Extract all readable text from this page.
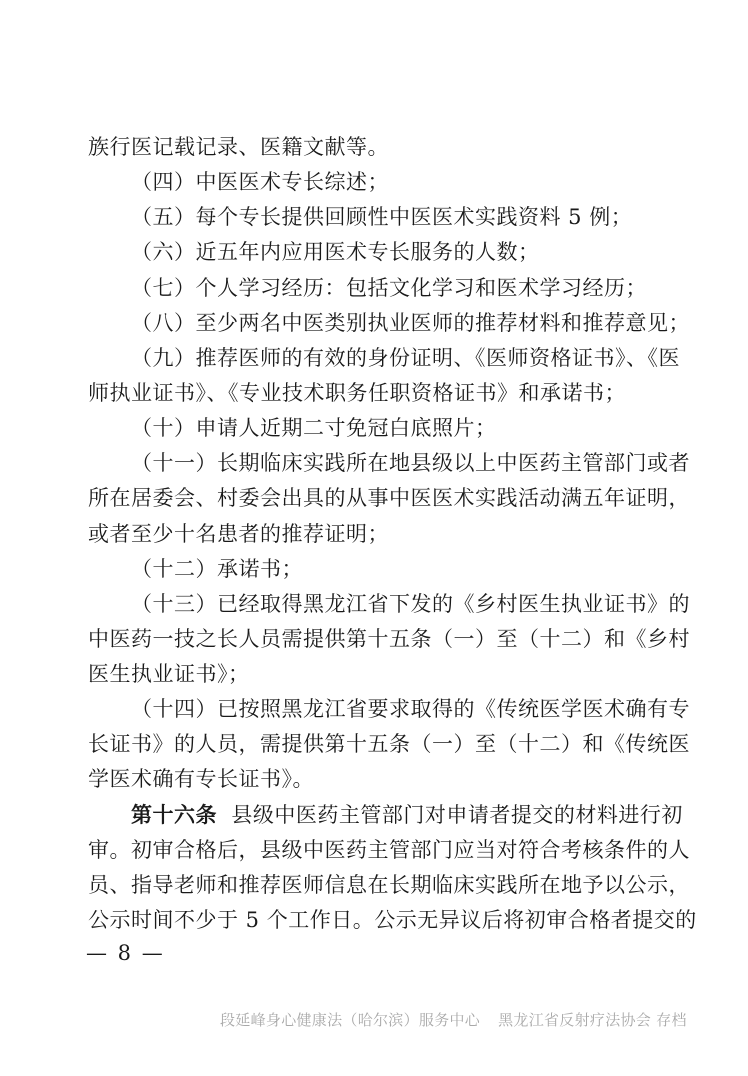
族行医记载记录、医籍文献等。
（四）中医医术专长综述；
（五）每个专长提供回顾性中医医术实践资料 5 例；
（六）近五年内应用医术专长服务的人数；
（七）个人学习经历：包括文化学习和医术学习经历；
（八）至少两名中医类别执业医师的推荐材料和推荐意见；
（九）推荐医师的有效的身份证明、《医师资格证书》、《医
师执业证书》、《专业技术职务任职资格证书》和承诺书；
（十）申请人近期二寸免冠白底照片；
（十一）长期临床实践所在地县级以上中医药主管部门或者
所在居委会、村委会出具的从事中医医术实践活动满五年证明，
或者至少十名患者的推荐证明；
（十二）承诺书；
（十三）已经取得黑龙江省下发的《乡村医生执业证书》的
中医药一技之长人员需提供第十五条（一）至（十二）和《乡村
医生执业证书》；
（十四）已按照黑龙江省要求取得的《传统医学医术确有专
长证书》的人员，需提供第十五条（一）至（十二）和《传统医
学医术确有专长证书》。
第十六条 县级中医药主管部门对申请者提交的材料进行初
审。初审合格后，县级中医药主管部门应当对符合考核条件的人
员、指导老师和推荐医师信息在长期临床实践所在地予以公示，
公示时间不少于 5 个工作日。公示无异议后将初审合格者提交的
— 8 —
段延峰身心健康法（哈尔滨）服务中心 黑龙江省反射疗法协会 存档
